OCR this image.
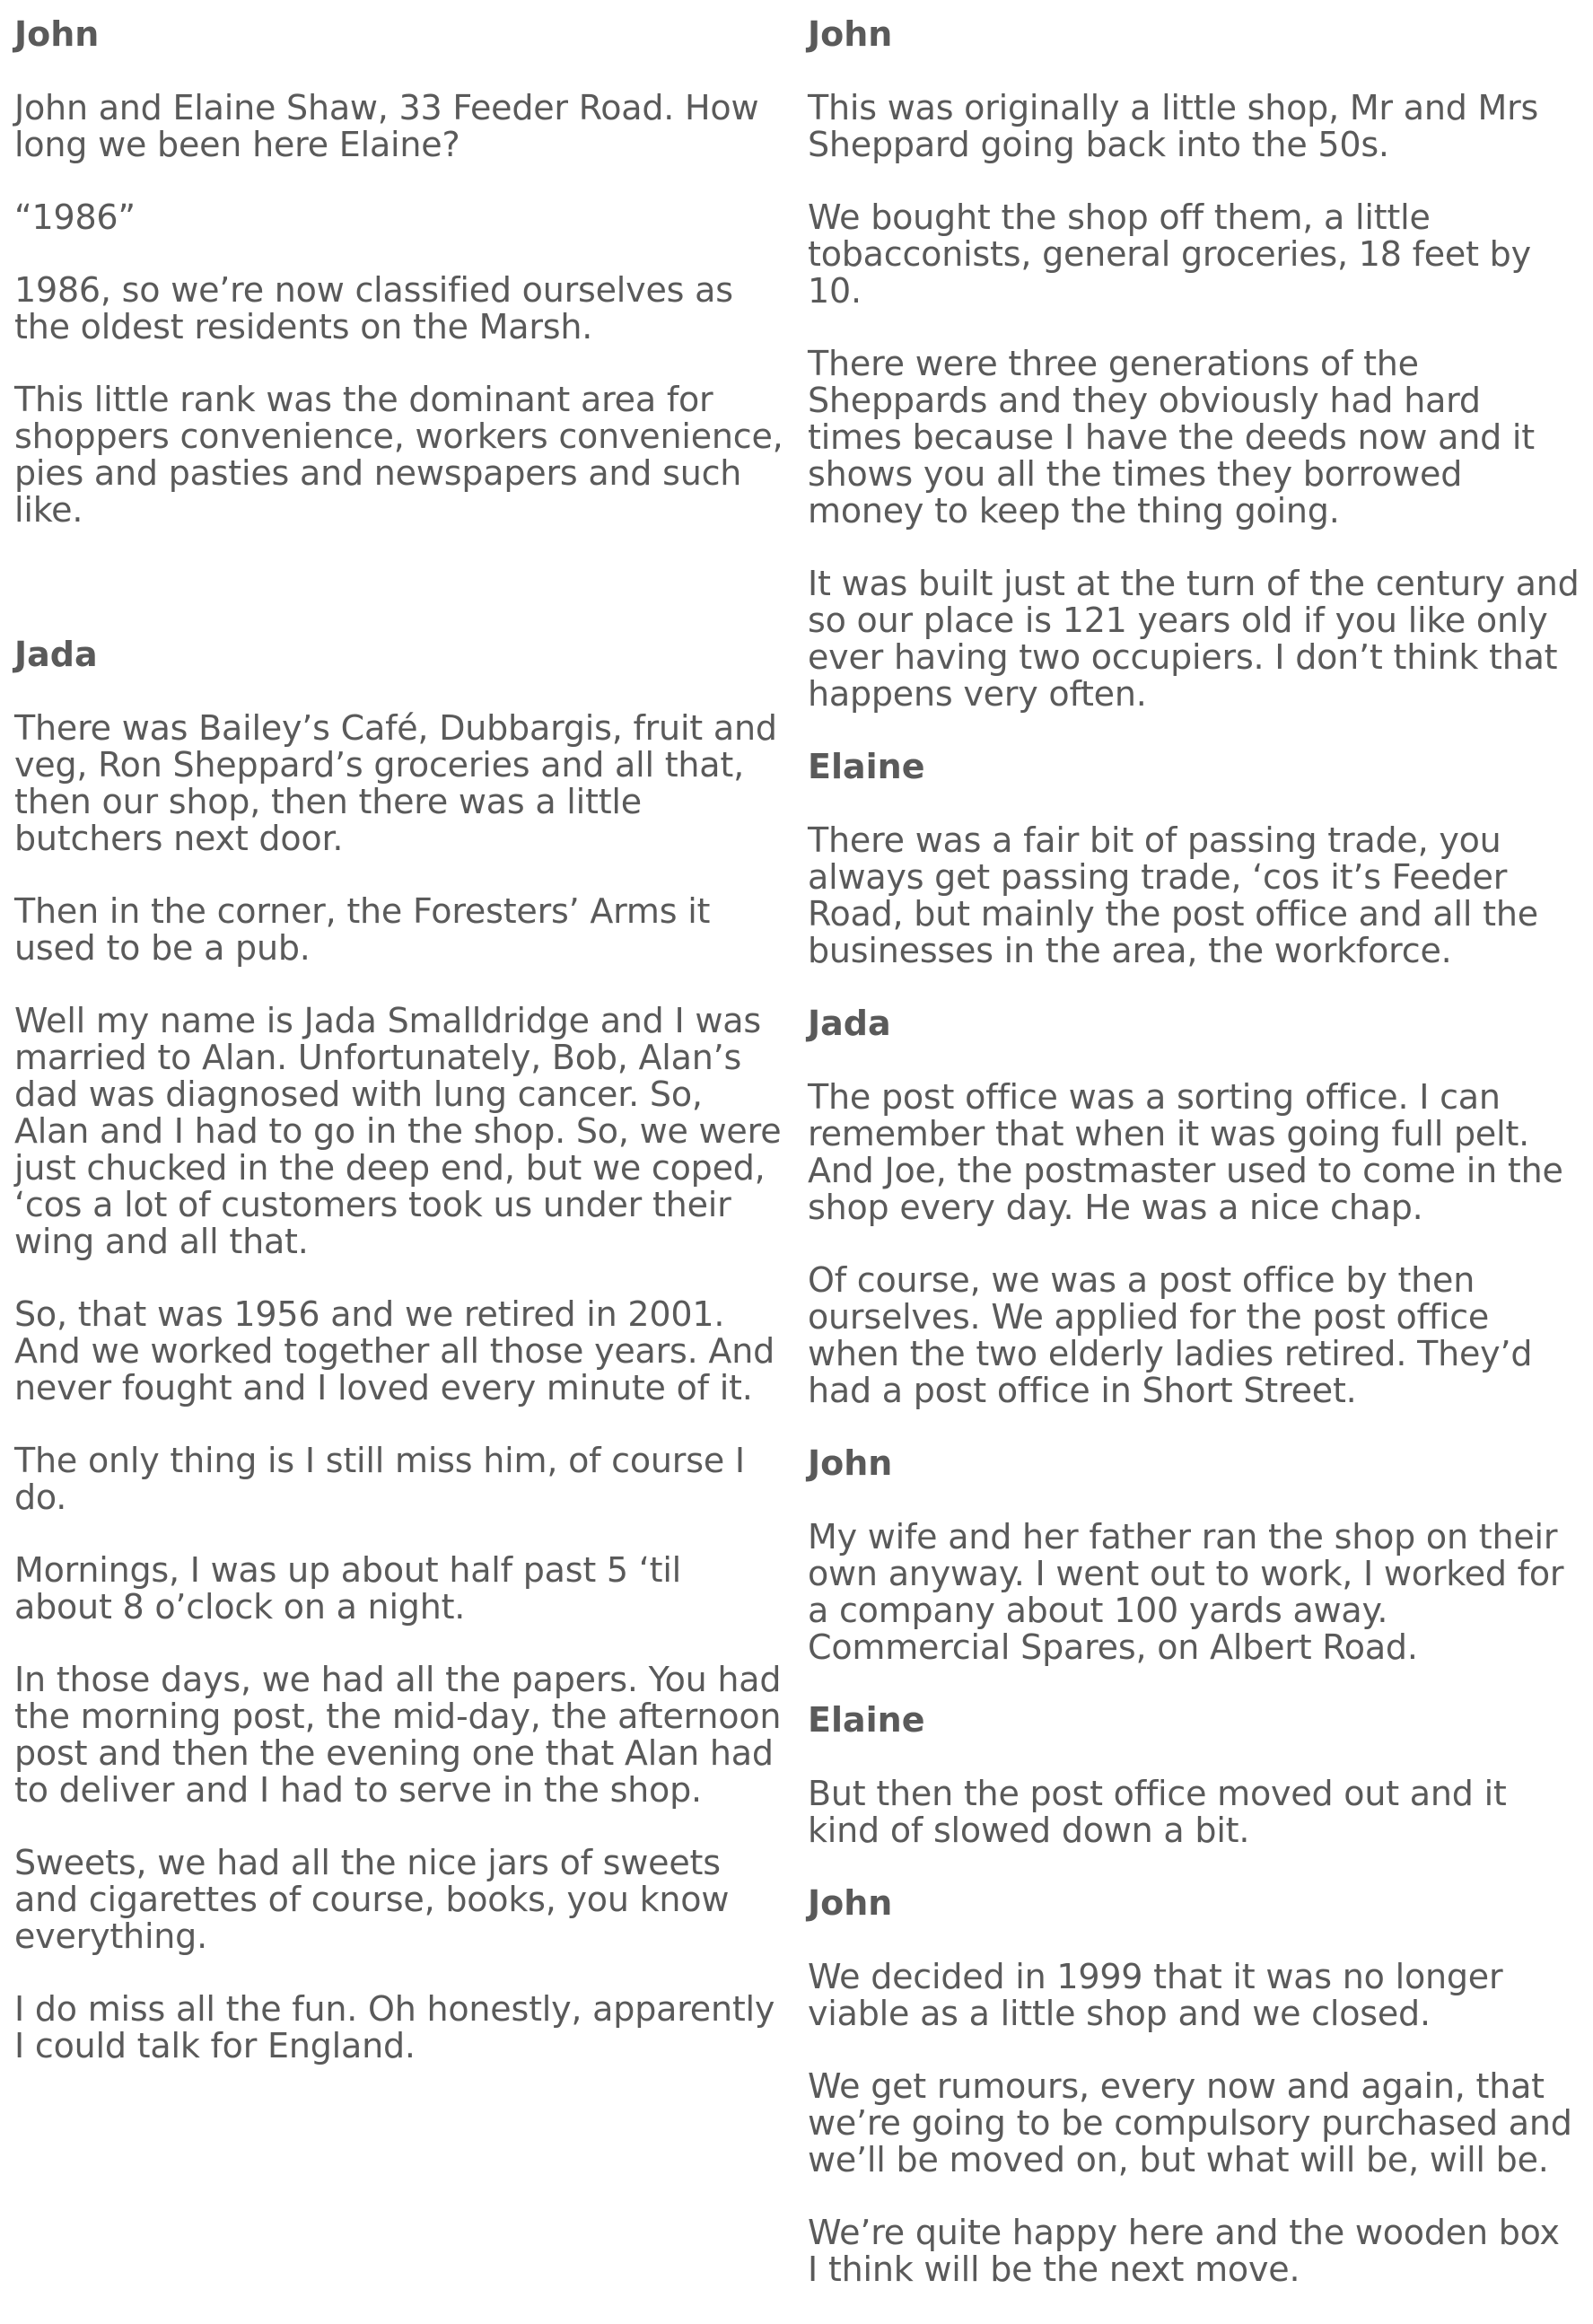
John

John and Elaine Shaw, 33 Feeder Road. How long we been here Elaine?

“1986”

1986, so we’re now classified ourselves as the oldest residents on the Marsh.

This little rank was the dominant area for shoppers convenience, workers convenience, pies and pasties and newspapers and such like.

Jada

There was Bailey’s Café, Dubbargis, fruit and veg, Ron Sheppard’s groceries and all that, then our shop, then there was a little butchers next door.

Then in the corner, the Foresters’ Arms it used to be a pub.

Well my name is Jada Smalldridge and I was married to Alan. Unfortunately, Bob, Alan’s dad was diagnosed with lung cancer. So, Alan and I had to go in the shop. So, we were just chucked in the deep end, but we coped, ‘cos a lot of customers took us under their wing and all that.

So, that was 1956 and we retired in 2001. And we worked together all those years. And never fought and I loved every minute of it.

The only thing is I still miss him, of course I do.

Mornings, I was up about half past 5 ‘til about 8 o’clock on a night.

In those days, we had all the papers. You had the morning post, the mid-day, the afternoon post and then the evening one that Alan had to deliver and I had to serve in the shop.

Sweets, we had all the nice jars of sweets and cigarettes of course, books, you know everything.

I do miss all the fun. Oh honestly, apparently I could talk for England.

John

This was originally a little shop, Mr and Mrs Sheppard going back into the 50s.

We bought the shop off them, a little tobacconists, general groceries, 18 feet by 10.

There were three generations of the Sheppards and they obviously had hard times because I have the deeds now and it shows you all the times they borrowed money to keep the thing going.

It was built just at the turn of the century and so our place is 121 years old if you like only ever having two occupiers. I don’t think that happens very often.

Elaine

There was a fair bit of passing trade, you always get passing trade, ‘cos it’s Feeder Road, but mainly the post office and all the businesses in the area, the workforce.

Jada

The post office was a sorting office. I can remember that when it was going full pelt. And Joe, the postmaster used to come in the shop every day. He was a nice chap.

Of course, we was a post office by then ourselves. We applied for the post office when the two elderly ladies retired. They’d had a post office in Short Street.

John

My wife and her father ran the shop on their own anyway. I went out to work, I worked for a company about 100 yards away. Commercial Spares, on Albert Road.

Elaine

But then the post office moved out and it kind of slowed down a bit.

John

We decided in 1999 that it was no longer viable as a little shop and we closed.

We get rumours, every now and again, that we’re going to be compulsory purchased and we’ll be moved on, but what will be, will be.

We’re quite happy here and the wooden box I think will be the next move.
